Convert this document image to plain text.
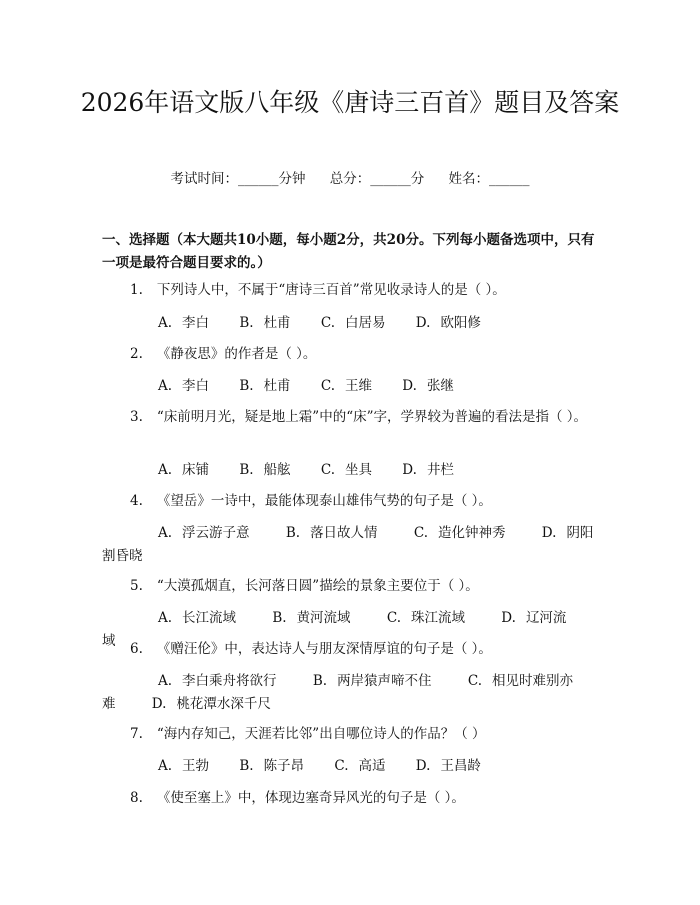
2026年语文版八年级《唐诗三百首》题目及答案
考试时间：______分钟 总分：______分 姓名：______

一、选择题（本大题共10小题，每小题2分，共20分。下列每小题备选项中，只有一项是最符合题目要求的。）

1. 下列诗人中，不属于“唐诗三百首”常见收录诗人的是（ ）。

A. 李白 B. 杜甫 C. 白居易 D. 欧阳修

2. 《静夜思》的作者是（ ）。

A. 李白 B. 杜甫 C. 王维 D. 张继

3. “床前明月光，疑是地上霜”中的“床”字，学界较为普遍的看法是指（ ）。

A. 床铺 B. 船舷 C. 坐具 D. 井栏

4. 《望岳》一诗中，最能体现泰山雄伟气势的句子是（ ）。

A. 浮云游子意	B. 落日故人情	C. 造化钟神秀	D. 阴阳割昏晓

5. “大漠孤烟直，长河落日圆”描绘的景象主要位于（ ）。

A. 长江流域	B. 黄河流域	C. 珠江流域	D. 辽河流域	6. 《赠汪伦》中，表达诗人与朋友深情厚谊的句子是（ ）。

A. 李白乘舟将欲行	B. 两岸猿声啼不住	C. 相见时难别亦难	D. 桃花潭水深千尺

7. “海内存知己，天涯若比邻”出自哪位诗人的作品？（ ）

A. 王勃 B. 陈子昂 C. 高适 D. 王昌龄

8. 《使至塞上》中，体现边塞奇异风光的句子是（ ）。
